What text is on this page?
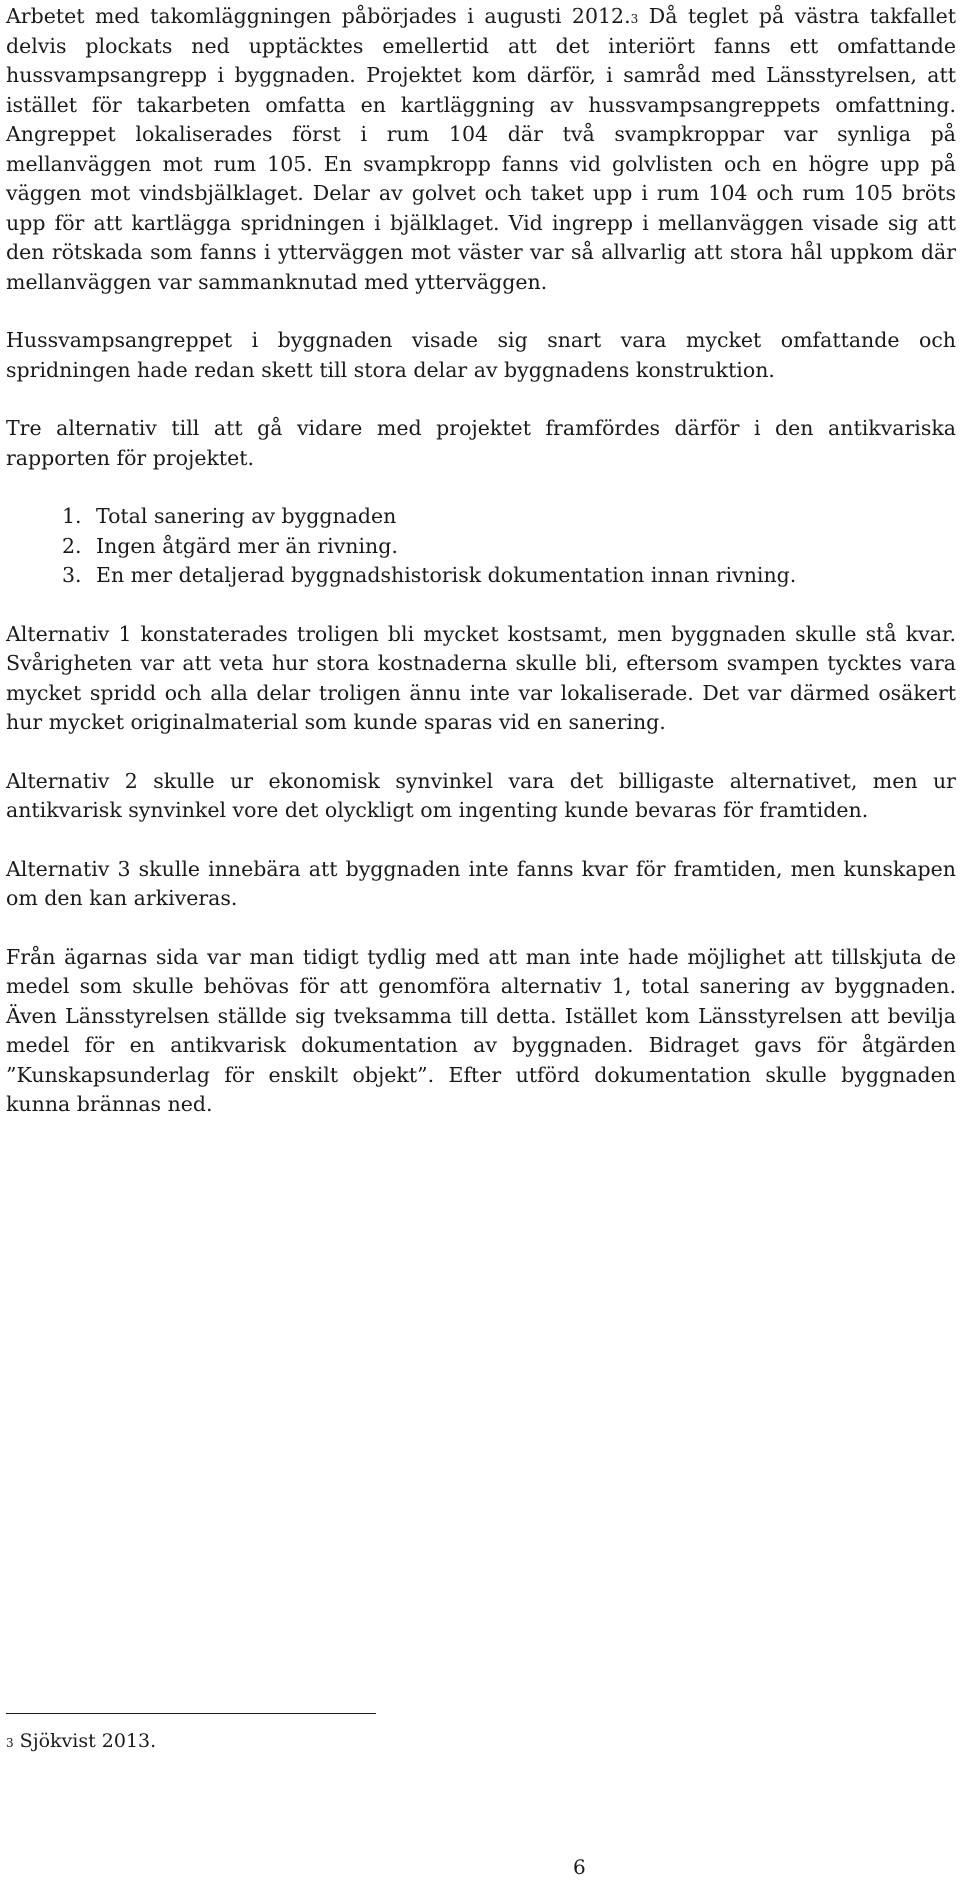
Arbetet med takomläggningen påbörjades i augusti 2012.$^3$ Då teglet på västra takfallet delvis plockats ned upptäcktes emellertid att det interiört fanns ett omfattande hussvampsangrepp i byggnaden. Projektet kom därför, i samråd med Länsstyrelsen, att istället för takarbeten omfatta en kartläggning av hussvampsangreppets omfattning. Angreppet lokaliserades först i rum 104 där två svampkroppar var synliga på mellanväggen mot rum 105. En svampkropp fanns vid golvlisten och en högre upp på väggen mot vindsbjälklaget. Delar av golvet och taket upp i rum 104 och rum 105 bröts upp för att kartlägga spridningen i bjälklaget. Vid ingrepp i mellanväggen visade sig att den rötskada som fanns i ytterväggen mot väster var så allvarlig att stora hål uppkom där mellanväggen var sammanknutad med ytterväggen.

Hussvampsangreppet i byggnaden visade sig snart vara mycket omfattande och spridningen hade redan skett till stora delar av byggnadens konstruktion.

Tre alternativ till att gå vidare med projektet framfördes därför i den antikvariska rapporten för projektet.

1. Total sanering av byggnaden
2. Ingen åtgärd mer än rivning.
3. En mer detaljerad byggnadshistorisk dokumentation innan rivning.

Alternativ 1 konstaterades troligen bli mycket kostsamt, men byggnaden skulle stå kvar. Svårigheten var att veta hur stora kostnaderna skulle bli, eftersom svampen tycktes vara mycket spridd och alla delar troligen ännu inte var lokaliserade. Det var därmed osäkert hur mycket originalmaterial som kunde sparas vid en sanering.

Alternativ 2 skulle ur ekonomisk synvinkel vara det billigaste alternativet, men ur antikvarisk synvinkel vore det olyckligt om ingenting kunde bevaras för framtiden.

Alternativ 3 skulle innebära att byggnaden inte fanns kvar för framtiden, men kunskapen om den kan arkiveras.

Från ägarnas sida var man tidigt tydlig med att man inte hade möjlighet att tillskjuta de medel som skulle behövas för att genomföra alternativ 1, total sanering av byggnaden. Även Länsstyrelsen ställde sig tveksamma till detta. Istället kom Länsstyrelsen att bevilja medel för en antikvarisk dokumentation av byggnaden. Bidraget gavs för åtgärden ”Kunskapsunderlag för enskilt objekt”. Efter utförd dokumentation skulle byggnaden kunna brännas ned.

$^3$ Sjökvist 2013.
6
